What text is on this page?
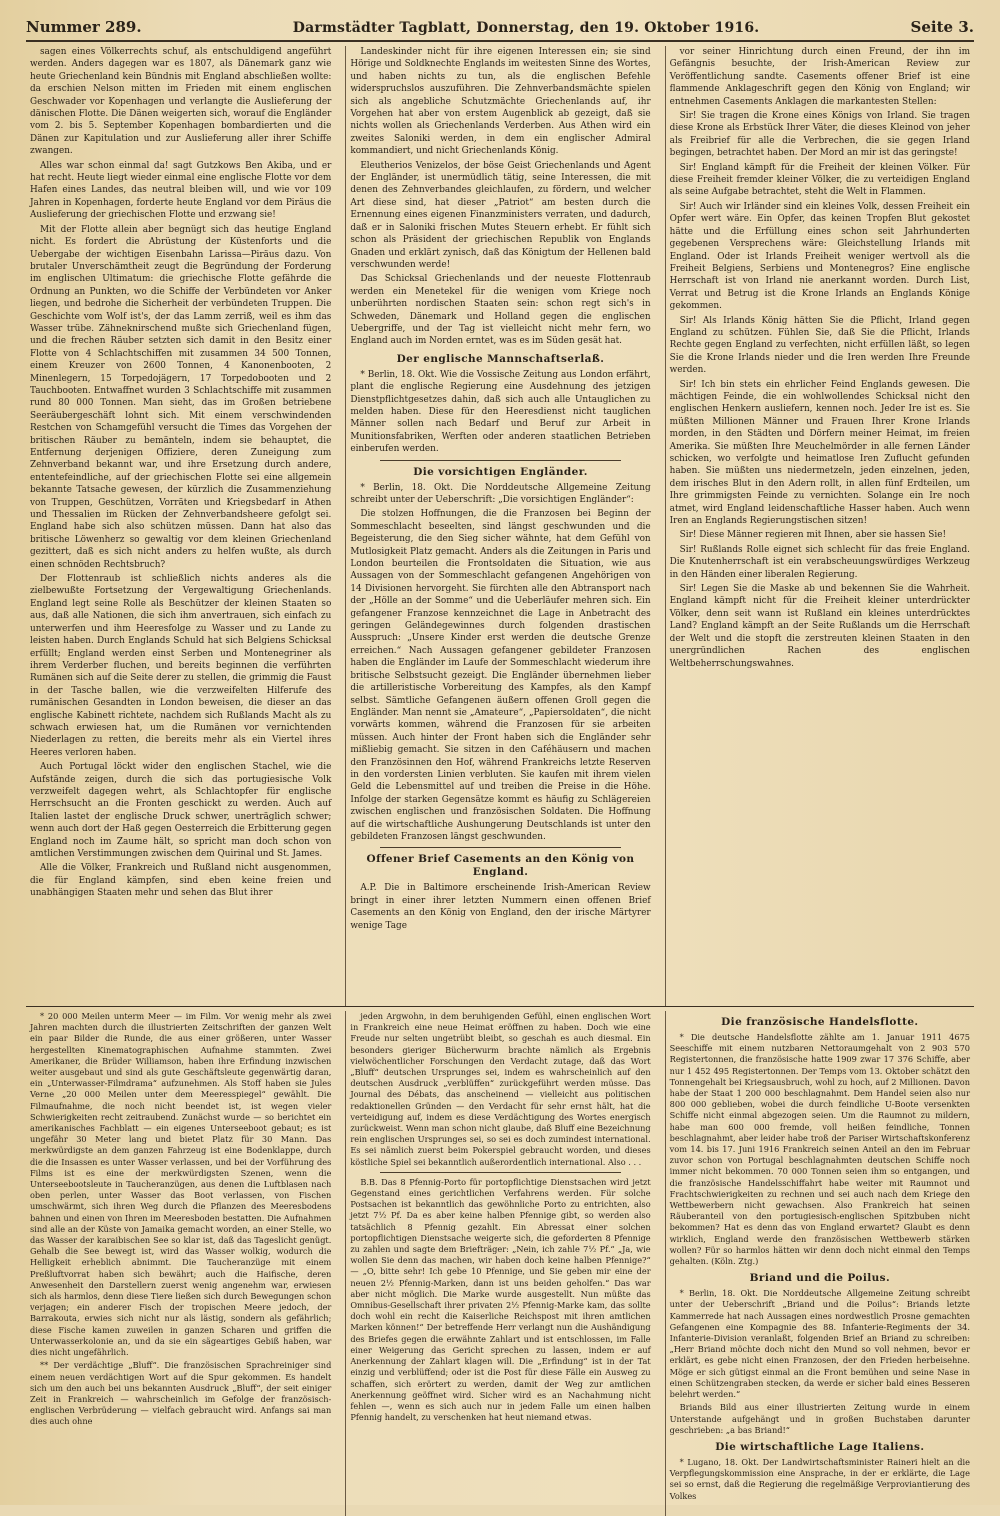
Nummer 289.	Darmstädter Tagblatt, Donnerstag, den 19. Oktober 1916.	Seite 3.

sagen eines Völkerrechts schuf, als entschuldigend angeführt werden. Anders dagegen war es 1807, als Dänemark ganz wie heute Griechenland kein Bündnis mit England abschließen wollte: da erschien Nelson mitten im Frieden mit einem englischen Geschwader vor Kopenhagen und verlangte die Auslieferung der dänischen Flotte. Die Dänen weigerten sich, worauf die Engländer vom 2. bis 5. September Kopenhagen bombardierten und die Dänen zur Kapitulation und zur Auslieferung aller ihrer Schiffe zwangen.

Alles war schon einmal da! sagt Gutzkows Ben Akiba, und er hat recht. Heute liegt wieder einmal eine englische Flotte vor dem Hafen eines Landes, das neutral bleiben will, und wie vor 109 Jahren in Kopenhagen, forderte heute England vor dem Piräus die Auslieferung der griechischen Flotte und erzwang sie!

Mit der Flotte allein aber begnügt sich das heutige England nicht. Es fordert die Abrüstung der Küstenforts und die Uebergabe der wichtigen Eisenbahn Larissa—Piräus dazu. Von brutaler Unverschämtheit zeugt die Begründung der Forderung im englischen Ultimatum: die griechische Flotte gefährde die Ordnung an Punkten, wo die Schiffe der Verbündeten vor Anker liegen, und bedrohe die Sicherheit der verbündeten Truppen. Die Geschichte vom Wolf ist's, der das Lamm zerriß, weil es ihm das Wasser trübe. Zähneknirschend mußte sich Griechenland fügen, und die frechen Räuber setzten sich damit in den Besitz einer Flotte von 4 Schlachtschiffen mit zusammen 34 500 Tonnen, einem Kreuzer von 2600 Tonnen, 4 Kanonenbooten, 2 Minenlegern, 15 Torpedojägern, 17 Torpedobooten und 2 Tauchbooten. Entwaffnet wurden 3 Schlachtschiffe mit zusammen rund 80 000 Tonnen. Man sieht, das im Großen betriebene Seeräubergeschäft lohnt sich. Mit einem verschwindenden Restchen von Schamgefühl versucht die Times das Vorgehen der britischen Räuber zu bemänteln, indem sie behauptet, die Entfernung derjenigen Offiziere, deren Zuneigung zum Zehnverband bekannt war, und ihre Ersetzung durch andere, ententefeindliche, auf der griechischen Flotte sei eine allgemein bekannte Tatsache gewesen, der kürzlich die Zusammenziehung von Truppen, Geschützen, Vorräten und Kriegsbedarf in Athen und Thessalien im Rücken der Zehnverbandsheere gefolgt sei. England habe sich also schützen müssen. Dann hat also das britische Löwenherz so gewaltig vor dem kleinen Griechenland gezittert, daß es sich nicht anders zu helfen wußte, als durch einen schnöden Rechtsbruch?

Der Flottenraub ist schließlich nichts anderes als die zielbewußte Fortsetzung der Vergewaltigung Griechenlands. England legt seine Rolle als Beschützer der kleinen Staaten so aus, daß alle Nationen, die sich ihm anvertrauen, sich einfach zu unterwerfen und ihm Heeresfolge zu Wasser und zu Lande zu leisten haben. Durch Englands Schuld hat sich Belgiens Schicksal erfüllt; England werden einst Serben und Montenegriner als ihrem Verderber fluchen, und bereits beginnen die verführten Rumänen sich auf die Seite derer zu stellen, die grimmig die Faust in der Tasche ballen, wie die verzweifelten Hilferufe des rumänischen Gesandten in London beweisen, die dieser an das englische Kabinett richtete, nachdem sich Rußlands Macht als zu schwach erwiesen hat, um die Rumänen vor vernichtenden Niederlagen zu retten, die bereits mehr als ein Viertel ihres Heeres verloren haben.

Auch Portugal löckt wider den englischen Stachel, wie die Aufstände zeigen, durch die sich das portugiesische Volk verzweifelt dagegen wehrt, als Schlachtopfer für englische Herrschsucht an die Fronten geschickt zu werden. Auch auf Italien lastet der englische Druck schwer, unerträglich schwer; wenn auch dort der Haß gegen Oesterreich die Erbitterung gegen England noch im Zaume hält, so spricht man doch schon von amtlichen Verstimmungen zwischen dem Quirinal und St. James.

Alle die Völker, Frankreich und Rußland nicht ausgenommen, die für England kämpfen, sind eben keine freien und unabhängigen Staaten mehr und sehen das Blut ihrer

Landeskinder nicht für ihre eigenen Interessen ein; sie sind Hörige und Soldknechte Englands im weitesten Sinne des Wortes, und haben nichts zu tun, als die englischen Befehle widerspruchslos auszuführen. Die Zehnverbandsmächte spielen sich als angebliche Schutzmächte Griechenlands auf, ihr Vorgehen hat aber von erstem Augenblick ab gezeigt, daß sie nichts wollen als Griechenlands Verderben. Aus Athen wird ein zweites Saloniki werden, in dem ein englischer Admiral kommandiert, und nicht Griechenlands König.

Eleutherios Venizelos, der böse Geist Griechenlands und Agent der Engländer, ist unermüdlich tätig, seine Interessen, die mit denen des Zehnverbandes gleichlaufen, zu fördern, und welcher Art diese sind, hat dieser „Patriot“ am besten durch die Ernennung eines eigenen Finanzministers verraten, und dadurch, daß er in Saloniki frischen Mutes Steuern erhebt. Er fühlt sich schon als Präsident der griechischen Republik von Englands Gnaden und erklärt zynisch, daß das Königtum der Hellenen bald verschwunden werde!

Das Schicksal Griechenlands und der neueste Flottenraub werden ein Menetekel für die wenigen vom Kriege noch unberührten nordischen Staaten sein: schon regt sich's in Schweden, Dänemark und Holland gegen die englischen Uebergriffe, und der Tag ist vielleicht nicht mehr fern, wo England auch im Norden erntet, was es im Süden gesät hat.

Der englische Mannschaftserlaß.

* Berlin, 18. Okt. Wie die Vossische Zeitung aus London erfährt, plant die englische Regierung eine Ausdehnung des jetzigen Dienstpflichtgesetzes dahin, daß sich auch alle Untauglichen zu melden haben. Diese für den Heeresdienst nicht tauglichen Männer sollen nach Bedarf und Beruf zur Arbeit in Munitionsfabriken, Werften oder anderen staatlichen Betrieben einberufen werden.

Die vorsichtigen Engländer.

* Berlin, 18. Okt. Die Norddeutsche Allgemeine Zeitung schreibt unter der Ueberschrift: „Die vorsichtigen Engländer“:

Die stolzen Hoffnungen, die die Franzosen bei Beginn der Sommeschlacht beseelten, sind längst geschwunden und die Begeisterung, die den Sieg sicher wähnte, hat dem Gefühl von Mutlosigkeit Platz gemacht. Anders als die Zeitungen in Paris und London beurteilen die Frontsoldaten die Situation, wie aus Aussagen von der Sommeschlacht gefangenen Angehörigen von 14 Divisionen hervorgeht. Sie fürchten alle den Abtransport nach der „Hölle an der Somme“ und die Ueberläufer mehren sich. Ein gefangener Franzose kennzeichnet die Lage in Anbetracht des geringen Geländegewinnes durch folgenden drastischen Ausspruch: „Unsere Kinder erst werden die deutsche Grenze erreichen.“ Nach Aussagen gefangener gebildeter Franzosen haben die Engländer im Laufe der Sommeschlacht wiederum ihre britische Selbstsucht gezeigt. Die Engländer übernehmen lieber die artilleristische Vorbereitung des Kampfes, als den Kampf selbst. Sämtliche Gefangenen äußern offenen Groll gegen die Engländer. Man nennt sie „Amateure“, „Papiersoldaten“, die nicht vorwärts kommen, während die Franzosen für sie arbeiten müssen. Auch hinter der Front haben sich die Engländer sehr mißliebig gemacht. Sie sitzen in den Caféhäusern und machen den Französinnen den Hof, während Frankreichs letzte Reserven in den vordersten Linien verbluten. Sie kaufen mit ihrem vielen Geld die Lebensmittel auf und treiben die Preise in die Höhe. Infolge der starken Gegensätze kommt es häufig zu Schlägereien zwischen englischen und französischen Soldaten. Die Hoffnung auf die wirtschaftliche Aushungerung Deutschlands ist unter den gebildeten Franzosen längst geschwunden.

Offener Brief Casements an den König von England.

A.P. Die in Baltimore erscheinende Irish-American Review bringt in einer ihrer letzten Nummern einen offenen Brief Casements an den König von England, den der irische Märtyrer wenige Tage

vor seiner Hinrichtung durch einen Freund, der ihn im Gefängnis besuchte, der Irish-American Review zur Veröffentlichung sandte. Casements offener Brief ist eine flammende Anklageschrift gegen den König von England; wir entnehmen Casements Anklagen die markantesten Stellen:

Sir! Sie tragen die Krone eines Königs von Irland. Sie tragen diese Krone als Erbstück Ihrer Väter, die dieses Kleinod von jeher als Freibrief für alle die Verbrechen, die sie gegen Irland begingen, betrachtet haben. Der Mord an mir ist das geringste!

Sir! England kämpft für die Freiheit der kleinen Völker. Für diese Freiheit fremder kleiner Völker, die zu verteidigen England als seine Aufgabe betrachtet, steht die Welt in Flammen.

Sir! Auch wir Irländer sind ein kleines Volk, dessen Freiheit ein Opfer wert wäre. Ein Opfer, das keinen Tropfen Blut gekostet hätte und die Erfüllung eines schon seit Jahrhunderten gegebenen Versprechens wäre: Gleichstellung Irlands mit England. Oder ist Irlands Freiheit weniger wertvoll als die Freiheit Belgiens, Serbiens und Montenegros? Eine englische Herrschaft ist von Irland nie anerkannt worden. Durch List, Verrat und Betrug ist die Krone Irlands an Englands Könige gekommen.

Sir! Als Irlands König hätten Sie die Pflicht, Irland gegen England zu schützen. Fühlen Sie, daß Sie die Pflicht, Irlands Rechte gegen England zu verfechten, nicht erfüllen läßt, so legen Sie die Krone Irlands nieder und die Iren werden Ihre Freunde werden.

Sir! Ich bin stets ein ehrlicher Feind Englands gewesen. Die mächtigen Feinde, die ein wohlwollendes Schicksal nicht den englischen Henkern ausliefern, kennen noch. Jeder Ire ist es. Sie müßten Millionen Männer und Frauen Ihrer Krone Irlands morden, in den Städten und Dörfern meiner Heimat, im freien Amerika. Sie müßten Ihre Meuchelmörder in alle fernen Länder schicken, wo verfolgte und heimatlose Iren Zuflucht gefunden haben. Sie müßten uns niedermetzeln, jeden einzelnen, jeden, dem irisches Blut in den Adern rollt, in allen fünf Erdteilen, um Ihre grimmigsten Feinde zu vernichten. Solange ein Ire noch atmet, wird England leidenschaftliche Hasser haben. Auch wenn Iren an Englands Regierungstischen sitzen!

Sir! Diese Männer regieren mit Ihnen, aber sie hassen Sie!

Sir! Rußlands Rolle eignet sich schlecht für das freie England. Die Knutenherrschaft ist ein verabscheuungswürdiges Werkzeug in den Händen einer liberalen Regierung.

Sir! Legen Sie die Maske ab und bekennen Sie die Wahrheit. England kämpft nicht für die Freiheit kleiner unterdrückter Völker, denn seit wann ist Rußland ein kleines unterdrücktes Land? England kämpft an der Seite Rußlands um die Herrschaft der Welt und die stopft die zerstreuten kleinen Staaten in den unergründlichen Rachen des englischen Weltbeherrschungswahnes.

* 20 000 Meilen unterm Meer — im Film. Vor wenig mehr als zwei Jahren machten durch die illustrierten Zeitschriften der ganzen Welt ein paar Bilder die Runde, die aus einer größeren, unter Wasser hergestellten Kinematographischen Aufnahme stammten. Zwei Amerikaner, die Brüder Williamson, haben ihre Erfindung inzwischen weiter ausgebaut und sind als gute Geschäftsleute gegenwärtig daran, ein „Unterwasser-Filmdrama“ aufzunehmen. Als Stoff haben sie Jules Verne „20 000 Meilen unter dem Meeresspiegel“ gewählt. Die Filmaufnahme, die noch nicht beendet ist, ist wegen vieler Schwierigkeiten recht zeitraubend. Zunächst wurde — so berichtet ein amerikanisches Fachblatt — ein eigenes Unterseeboot gebaut; es ist ungefähr 30 Meter lang und bietet Platz für 30 Mann. Das merkwürdigste an dem ganzen Fahrzeug ist eine Bodenklappe, durch die die Insassen es unter Wasser verlassen, und bei der Vorführung des Films ist es eine der merkwürdigsten Szenen, wenn die Unterseebootsleute in Taucheranzügen, aus denen die Luftblasen nach oben perlen, unter Wasser das Boot verlassen, von Fischen umschwärmt, sich ihren Weg durch die Pflanzen des Meeresbodens bahnen und einen von Ihren im Meeresboden bestatten. Die Aufnahmen sind alle an der Küste von Jamaika gemacht worden, an einer Stelle, wo das Wasser der karaibischen See so klar ist, daß das Tageslicht genügt. Gehalb die See bewegt ist, wird das Wasser wolkig, wodurch die Helligkeit erheblich abnimmt. Die Taucheranzüge mit einem Preßluftvorrat haben sich bewährt; auch die Haifische, deren Anwesenheit den Darstellern zuerst wenig angenehm war, erwiesen sich als harmlos, denn diese Tiere ließen sich durch Bewegungen schon verjagen; ein anderer Fisch der tropischen Meere jedoch, der Barrakouta, erwies sich nicht nur als lästig, sondern als gefährlich; diese Fische kamen zuweilen in ganzen Scharen und griffen die Unterwasserkolonie an, und da sie ein sägeartiges Gebiß haben, war dies nicht ungefährlich.

** Der verdächtige „Bluff“. Die französischen Sprachreiniger sind einem neuen verdächtigen Wort auf die Spur gekommen. Es handelt sich um den auch bei uns bekannten Ausdruck „Bluff“, der seit einiger Zeit in Frankreich — wahrscheinlich im Gefolge der französisch-englischen Verbrüderung — vielfach gebraucht wird. Anfangs sai man dies auch ohne

jeden Argwohn, in dem beruhigenden Gefühl, einen englischen Wort in Frankreich eine neue Heimat eröffnen zu haben. Doch wie eine Freude nur selten ungetrübt bleibt, so geschah es auch diesmal. Ein besonders gieriger Bücherwurm brachte nämlich als Ergebnis vielwöchentlicher Forschungen den Verdacht zutage, daß das Wort „Bluff“ deutschen Ursprunges sei, indem es wahrscheinlich auf den deutschen Ausdruck „verblüffen“ zurückgeführt werden müsse. Das Journal des Débats, das anscheinend — vielleicht aus politischen redaktionellen Gründen — den Verdacht für sehr ernst hält, hat die verteidigung auf, indem es diese Verdächtigung des Wortes energisch zurückweist. Wenn man schon nicht glaube, daß Bluff eine Bezeichnung rein englischen Ursprunges sei, so sei es doch zumindest international. Es sei nämlich zuerst beim Pokerspiel gebraucht worden, und dieses köstliche Spiel sei bekanntlich außerordentlich international. Also . . .

B.B. Das 8 Pfennig-Porto für portopflichtige Dienstsachen wird jetzt Gegenstand eines gerichtlichen Verfahrens werden. Für solche Postsachen ist bekanntlich das gewöhnliche Porto zu entrichten, also jetzt 7½ Pf. Da es aber keine halben Pfennige gibt, so werden also tatsächlich 8 Pfennig gezahlt. Ein Abressat einer solchen portopflichtigen Dienstsache weigerte sich, die geforderten 8 Pfennige zu zahlen und sagte dem Briefträger: „Nein, ich zahle 7½ Pf.“ „Ja, wie wollen Sie denn das machen, wir haben doch keine halben Pfennige?“ — „O, bitte sehr! Ich gebe 10 Pfennige, und Sie geben mir eine der neuen 2½ Pfennig-Marken, dann ist uns beiden geholfen.“ Das war aber nicht möglich. Die Marke wurde ausgestellt. Nun müßte das Omnibus-Gesellschaft ihrer privaten 2½ Pfennig-Marke kam, das sollte doch wohl ein recht die Kaiserliche Reichspost mit ihren amtlichen Marken können!“ Der betreffende Herr verlangt nun die Aushändigung des Briefes gegen die erwähnte Zahlart und ist entschlossen, im Falle einer Weigerung das Gericht sprechen zu lassen, indem er auf Anerkennung der Zahlart klagen will. Die „Erfindung“ ist in der Tat einzig und verblüffend; oder ist die Post für diese Fälle ein Ausweg zu schaffen, sich erörtert zu werden, damit der Weg zur amtlichen Anerkennung geöffnet wird. Sicher wird es an Nachahmung nicht fehlen —, wenn es sich auch nur in jedem Falle um einen halben Pfennig handelt, zu verschenken hat heut niemand etwas.

Die französische Handelsflotte.

* Die deutsche Handelsflotte zählte am 1. Januar 1911 4675 Seeschiffe mit einem nutzbaren Nettoraumgehalt von 2 903 570 Registertonnen, die französische hatte 1909 zwar 17 376 Schiffe, aber nur 1 452 495 Registertonnen. Der Temps vom 13. Oktober schätzt den Tonnengehalt bei Kriegsausbruch, wohl zu hoch, auf 2 Millionen. Davon habe der Staat 1 200 000 beschlagnahmt. Dem Handel seien also nur 800 000 geblieben, wobei die durch feindliche U-Boote versenkten Schiffe nicht einmal abgezogen seien. Um die Raumnot zu mildern, habe man 600 000 fremde, voll heißen feindliche, Tonnen beschlagnahmt, aber leider habe troß der Pariser Wirtschaftskonferenz vom 14. bis 17. Juni 1916 Frankreich seinen Anteil an den im Februar zuvor schon von Portugal beschlagnahmten deutschen Schiffe noch immer nicht bekommen. 70 000 Tonnen seien ihm so entgangen, und die französische Handelsschiffahrt habe weiter mit Raumnot und Frachtschwierigkeiten zu rechnen und sei auch nach dem Kriege den Wettbewerbern nicht gewachsen. Also Frankreich hat seinen Räuberanteil von den portugiesisch-englischen Spitzbuben nicht bekommen? Hat es denn das von England erwartet? Glaubt es denn wirklich, England werde den französischen Wettbewerb stärken wollen? Für so harmlos hätten wir denn doch nicht einmal den Temps gehalten. (Köln. Ztg.)

Briand und die Poilus.

* Berlin, 18. Okt. Die Norddeutsche Allgemeine Zeitung schreibt unter der Ueberschrift „Briand und die Poilus“: Briands letzte Kammerrede hat nach Aussagen eines nordwestlich Prosne gemachten Gefangenen eine Kompagnie des 88. Infanterie-Regiments der 34. Infanterie-Division veranlaßt, folgenden Brief an Briand zu schreiben: „Herr Briand möchte doch nicht den Mund so voll nehmen, bevor er erklärt, es gebe nicht einen Franzosen, der den Frieden herbeisehne. Möge er sich gütigst einmal an die Front bemühen und seine Nase in einen Schützengraben stecken, da werde er sicher bald eines Besseren belehrt werden.“

Briands Bild aus einer illustrierten Zeitung wurde in einem Unterstande aufgehängt und in großen Buchstaben darunter geschrieben: „a bas Briand!“

Die wirtschaftliche Lage Italiens.

* Lugano, 18. Okt. Der Landwirtschaftsminister Raineri hielt an die Verpflegungskommission eine Ansprache, in der er erklärte, die Lage sei so ernst, daß die Regierung die regelmäßige Verproviantierung des Volkes
